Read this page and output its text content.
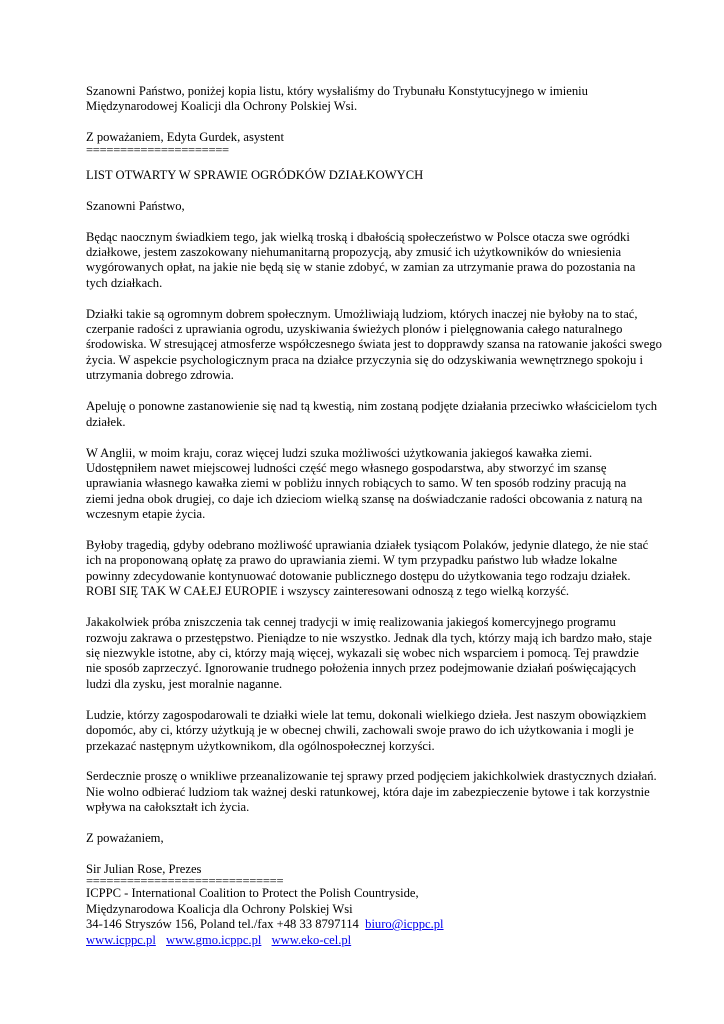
Szanowni Państwo, poniżej kopia listu, który wysłaliśmy do Trybunału Konstytucyjnego w imieniu
Międzynarodowej Koalicji dla Ochrony Polskiej Wsi.

Z poważaniem, Edyta Gurdek, asystent
=====================

LIST OTWARTY W SPRAWIE OGRÓDKÓW DZIAŁKOWYCH

Szanowni Państwo,

Będąc naocznym świadkiem tego, jak wielką troską i dbałością społeczeństwo w Polsce otacza swe ogródki
działkowe, jestem zaszokowany niehumanitarną propozycją, aby zmusić ich użytkowników do wniesienia
wygórowanych opłat, na jakie nie będą się w stanie zdobyć, w zamian za utrzymanie prawa do pozostania na
tych działkach.

Działki takie są ogromnym dobrem społecznym. Umożliwiają ludziom, których inaczej nie byłoby na to stać,
czerpanie radości z uprawiania ogrodu, uzyskiwania świeżych plonów i pielęgnowania całego naturalnego
środowiska. W stresującej atmosferze współczesnego świata jest to dopprawdy szansa na ratowanie jakości swego
życia. W aspekcie psychologicznym praca na działce przyczynia się do odzyskiwania wewnętrznego spokoju i
utrzymania dobrego zdrowia.

Apeluję o ponowne zastanowienie się nad tą kwestią, nim zostaną podjęte działania przeciwko właścicielom tych
działek.

W Anglii, w moim kraju, coraz więcej ludzi szuka możliwości użytkowania jakiegoś kawałka ziemi.
Udostępniłem nawet miejscowej ludności część mego własnego gospodarstwa, aby stworzyć im szansę
uprawiania własnego kawałka ziemi w pobliżu innych robiących to samo. W ten sposób rodziny pracują na
ziemi jedna obok drugiej, co daje ich dzieciom wielką szansę na doświadczanie radości obcowania z naturą na
wczesnym etapie życia.

Byłoby tragedią, gdyby odebrano możliwość uprawiania działek tysiącom Polaków, jedynie dlatego, że nie stać
ich na proponowaną opłatę za prawo do uprawiania ziemi. W tym przypadku państwo lub władze lokalne
powinny zdecydowanie kontynuować dotowanie publicznego dostępu do użytkowania tego rodzaju działek.
ROBI SIĘ TAK W CAŁEJ EUROPIE i wszyscy zainteresowani odnoszą z tego wielką korzyść.

Jakakolwiek próba zniszczenia tak cennej tradycji w imię realizowania jakiegoś komercyjnego programu
rozwoju zakrawa o przestępstwo. Pieniądze to nie wszystko. Jednak dla tych, którzy mają ich bardzo mało, staje
się niezwykle istotne, aby ci, którzy mają więcej, wykazali się wobec nich wsparciem i pomocą. Tej prawdzie
nie sposób zaprzeczyć. Ignorowanie trudnego położenia innych przez podejmowanie działań poświęcających
ludzi dla zysku, jest moralnie naganne.

Ludzie, którzy zagospodarowali te działki wiele lat temu, dokonali wielkiego dzieła. Jest naszym obowiązkiem
dopomóc, aby ci, którzy użytkują je w obecnej chwili, zachowali swoje prawo do ich użytkowania i mogli je
przekazać następnym użytkownikom, dla ogólnospołecznej korzyści.

Serdecznie proszę o wnikliwe przeanalizowanie tej sprawy przed podjęciem jakichkolwiek drastycznych działań.
Nie wolno odbierać ludziom tak ważnej deski ratunkowej, która daje im zabezpieczenie bytowe i tak korzystnie
wpływa na całokształt ich życia.

Z poważaniem,

Sir Julian Rose, Prezes
=============================

ICPPC - International Coalition to Protect the Polish Countryside,
Międzynarodowa Koalicja dla Ochrony Polskiej Wsi
34-146 Stryszów 156, Poland tel./fax +48 33 8797114 biuro@icppc.pl
www.icppc.pl www.gmo.icppc.pl www.eko-cel.pl
